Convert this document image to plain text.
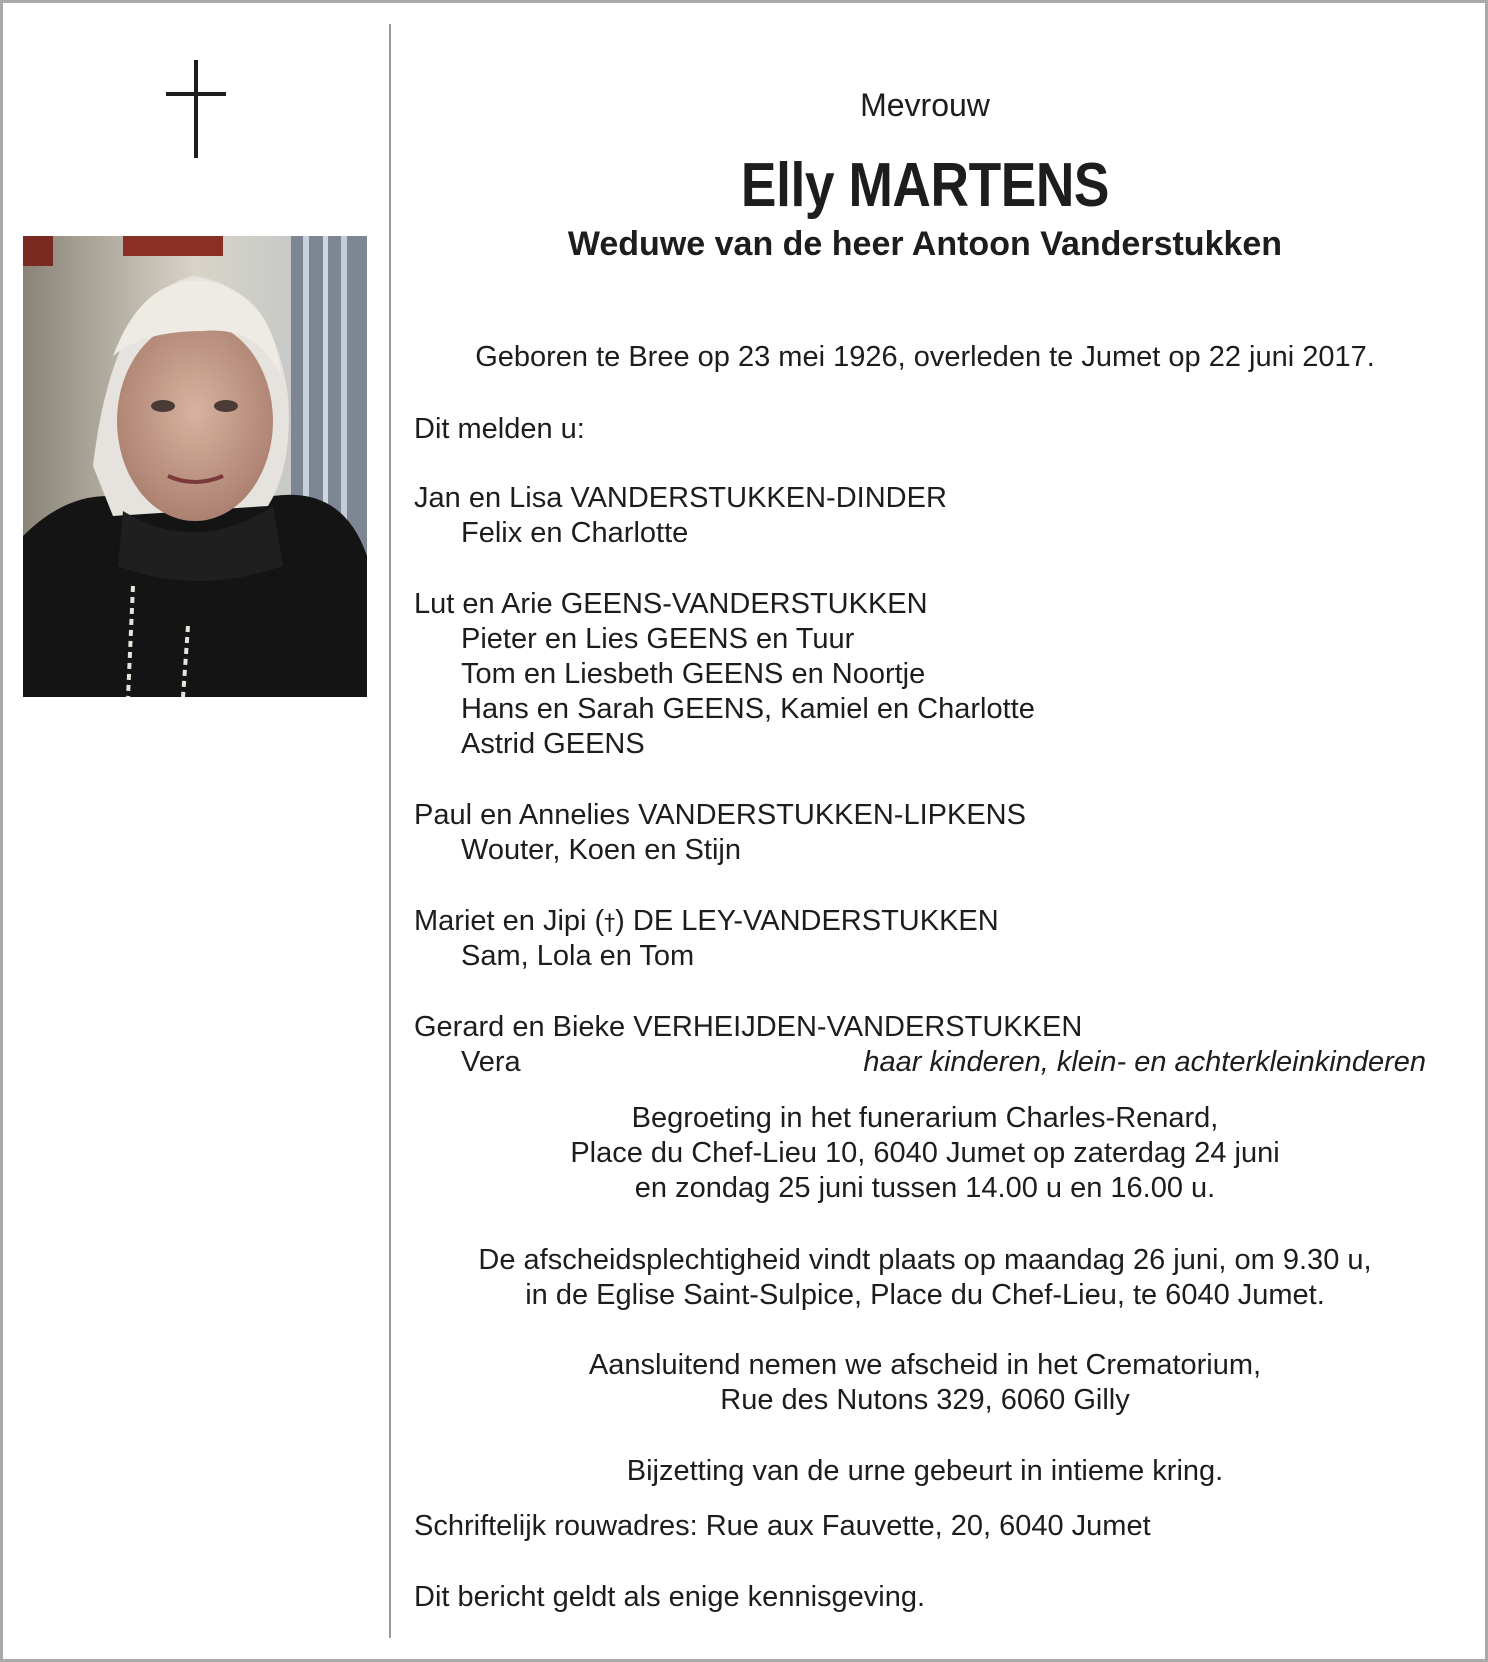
Mevrouw
Elly MARTENS
Weduwe van de heer Antoon Vanderstukken
Geboren te Bree op 23 mei 1926, overleden te Jumet op 22 juni 2017.
Dit melden u:
Jan en Lisa VANDERSTUKKEN-DINDER
Felix en Charlotte
Lut en Arie GEENS-VANDERSTUKKEN
Pieter en Lies GEENS en Tuur
Tom en Liesbeth GEENS en Noortje
Hans en Sarah GEENS, Kamiel en Charlotte
Astrid GEENS
Paul en Annelies VANDERSTUKKEN-LIPKENS
Wouter, Koen en Stijn
Mariet en Jipi (†) DE LEY-VANDERSTUKKEN
Sam, Lola en Tom
Gerard en Bieke VERHEIJDEN-VANDERSTUKKEN
Vera	haar kinderen, klein- en achterkleinkinderen
Begroeting in het funerarium Charles-Renard,
Place du Chef-Lieu 10, 6040 Jumet op zaterdag 24 juni
en zondag 25 juni tussen 14.00 u en 16.00 u.
De afscheidsplechtigheid vindt plaats op maandag 26 juni, om 9.30 u,
in de Eglise Saint-Sulpice, Place du Chef-Lieu, te 6040 Jumet.
Aansluitend nemen we afscheid in het Crematorium,
Rue des Nutons 329, 6060 Gilly
Bijzetting van de urne gebeurt in intieme kring.
Schriftelijk rouwadres: Rue aux Fauvette, 20, 6040 Jumet
Dit bericht geldt als enige kennisgeving.
